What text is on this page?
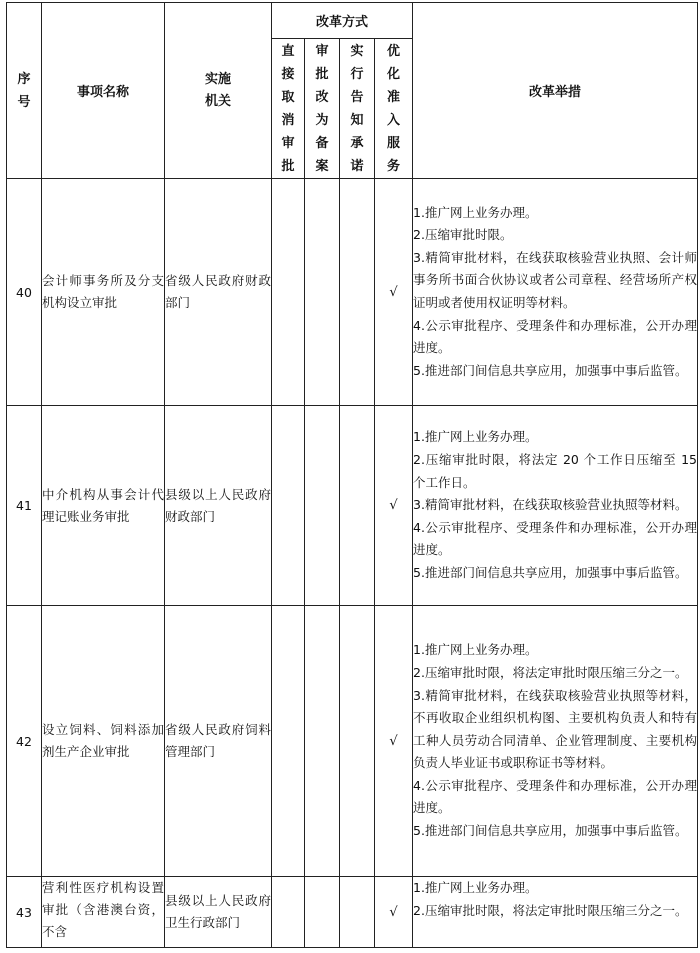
序号	事项名称	实施机关	改革方式				改革举措

			直接取消审批	审批改为备案	实行告知承诺	优化准入服务	

40	会计师事务所及分支机构设立审批	省级人民政府财政部门				√	1.推广网上业务办理。
2.压缩审批时限。
3.精简审批材料，在线获取核验营业执照、会计师事务所书面合伙协议或者公司章程、经营场所产权证明或者使用权证明等材料。
4.公示审批程序、受理条件和办理标准，公开办理进度。
5.推进部门间信息共享应用，加强事中事后监管。

41	中介机构从事会计代理记账业务审批	县级以上人民政府财政部门				√	1.推广网上业务办理。
2.压缩审批时限，将法定 20 个工作日压缩至 15 个工作日。
3.精简审批材料，在线获取核验营业执照等材料。
4.公示审批程序、受理条件和办理标准，公开办理进度。
5.推进部门间信息共享应用，加强事中事后监管。

42	设立饲料、饲料添加剂生产企业审批	省级人民政府饲料管理部门				√	1.推广网上业务办理。
2.压缩审批时限，将法定审批时限压缩三分之一。
3.精简审批材料，在线获取核验营业执照等材料，不再收取企业组织机构图、主要机构负责人和特有工种人员劳动合同清单、企业管理制度、主要机构负责人毕业证书或职称证书等材料。
4.公示审批程序、受理条件和办理标准，公开办理进度。
5.推进部门间信息共享应用，加强事中事后监管。

43	营利性医疗机构设置审批（含港澳台资，不含	县级以上人民政府卫生行政部门				√	1.推广网上业务办理。
2.压缩审批时限，将法定审批时限压缩三分之一。
